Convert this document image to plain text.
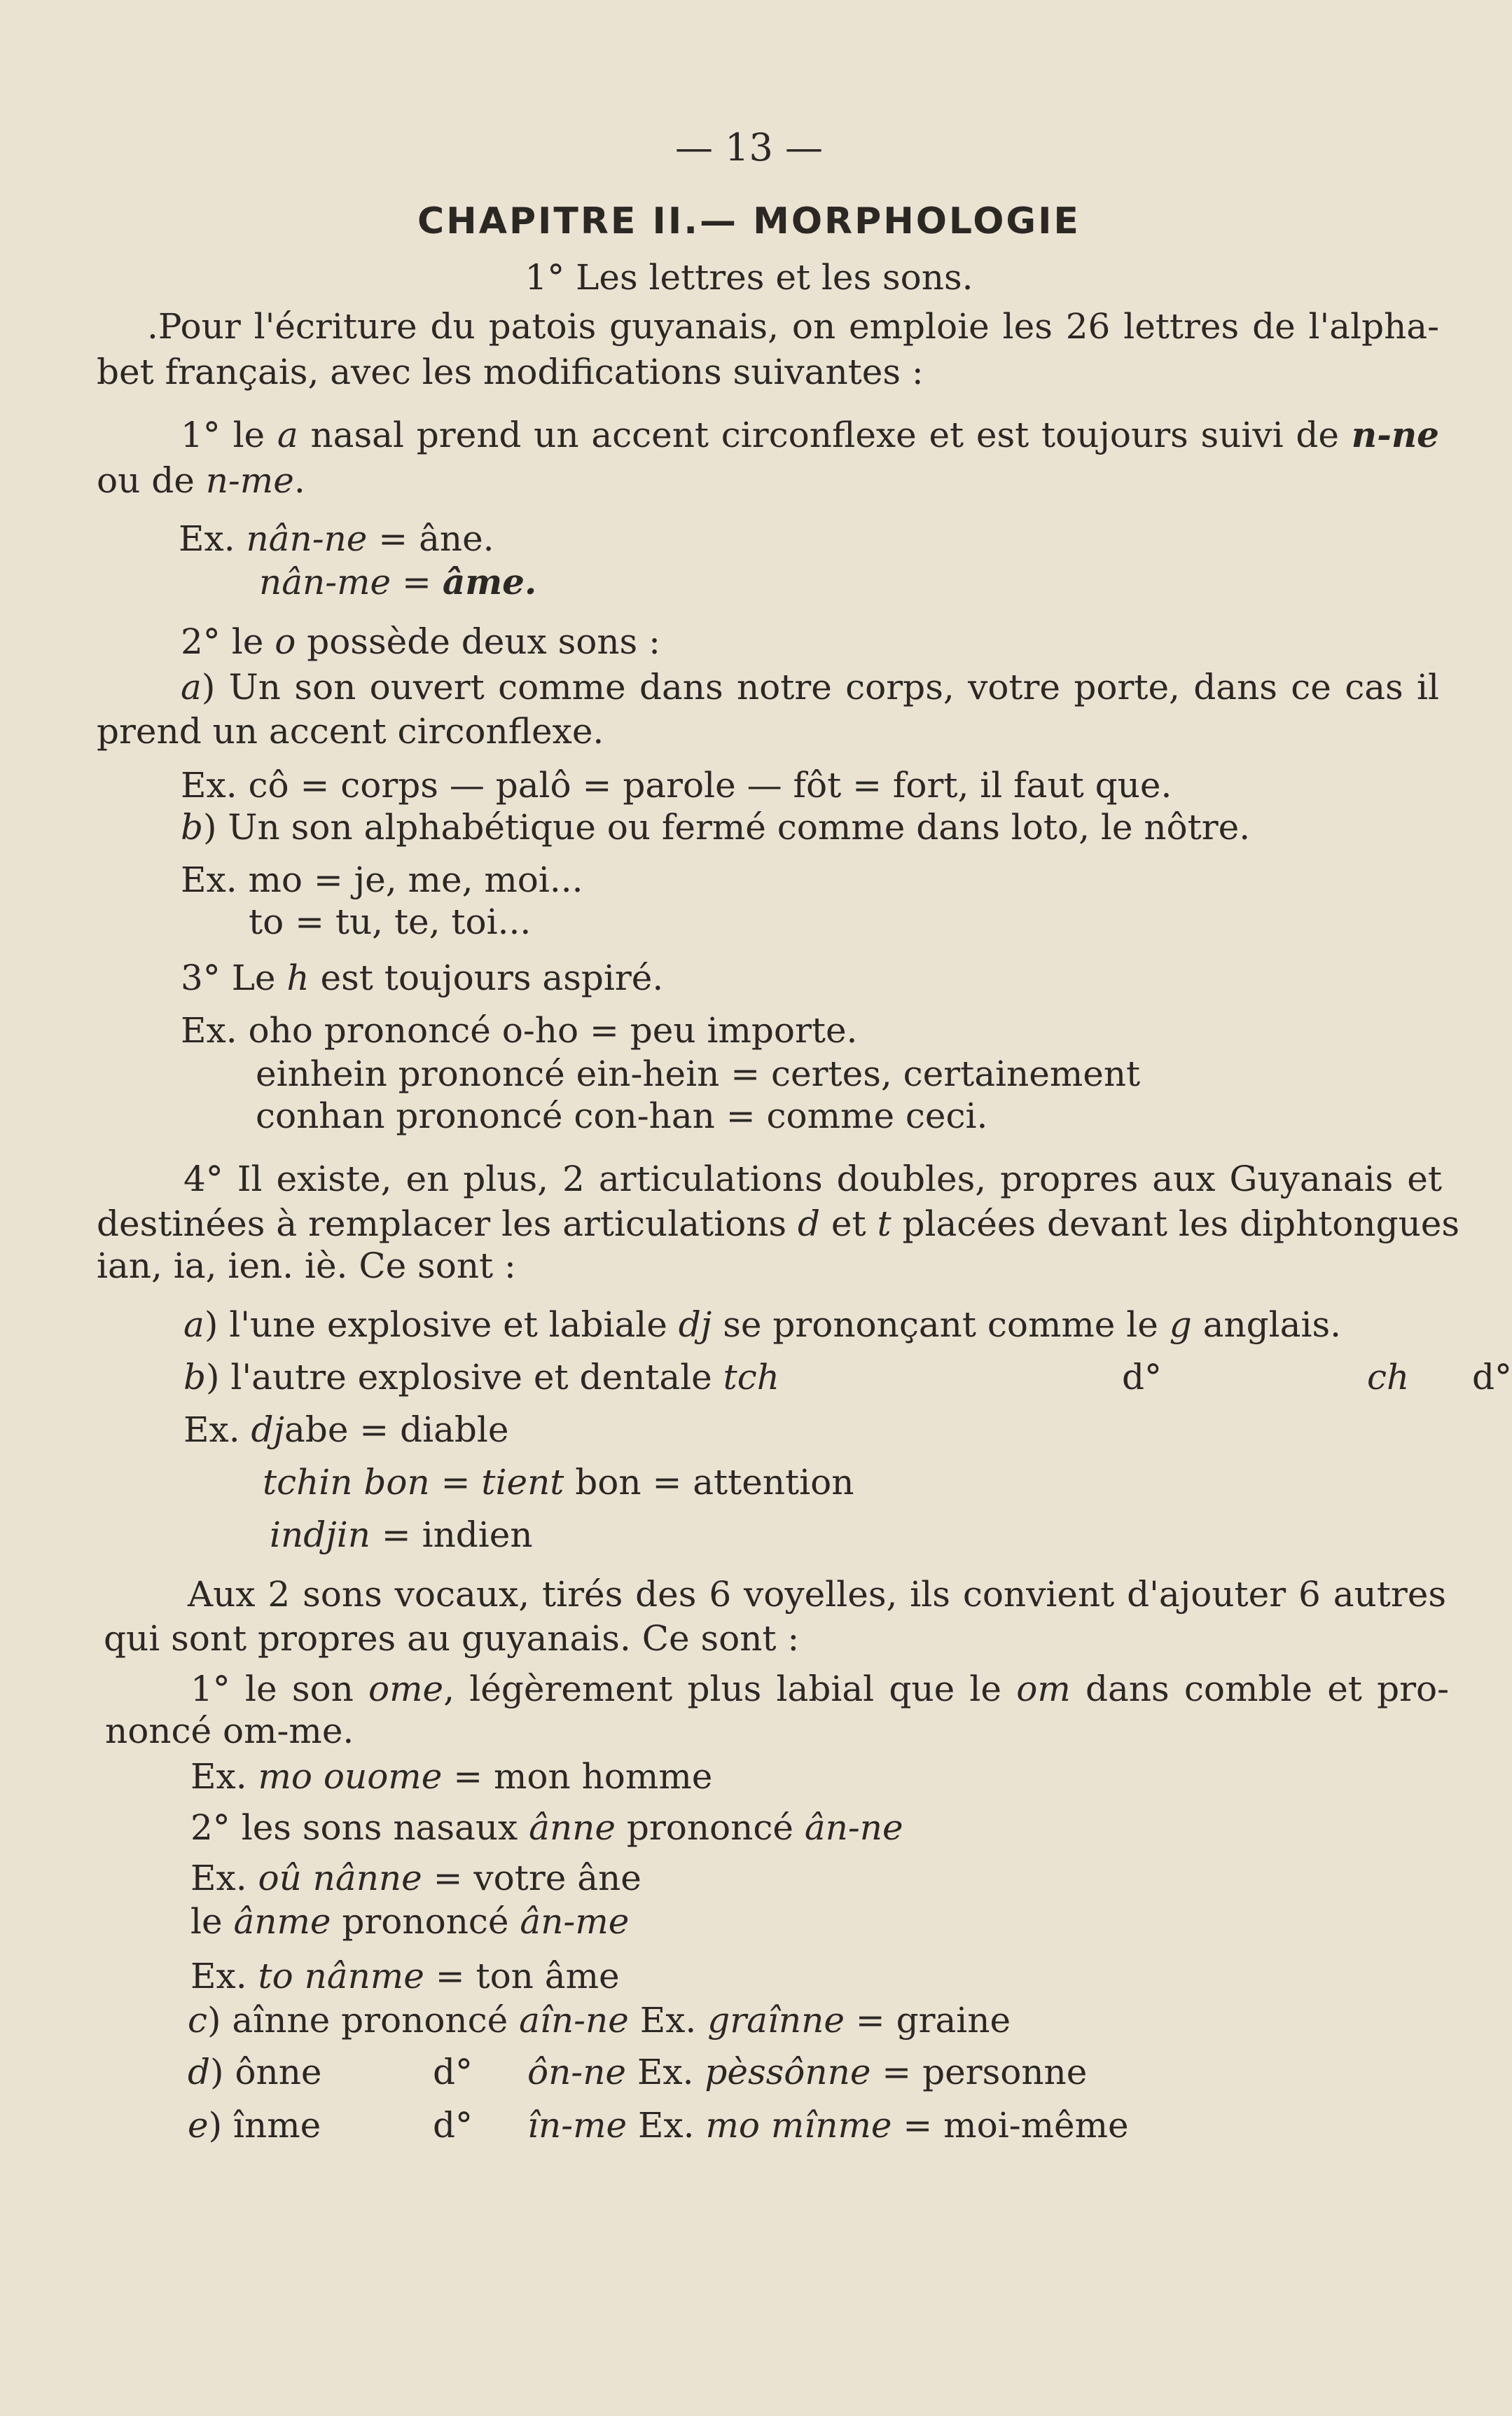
— 13 —
CHAPITRE II.— MORPHOLOGIE
1° Les lettres et les sons.
.Pour l'écriture du patois guyanais, on emploie les 26 lettres de l'alpha-
bet français, avec les modifications suivantes :
1° le a nasal prend un accent circonflexe et est toujours suivi de n-ne
ou de n-me.
Ex. nân-ne = âne.
nân-me = âme.
2° le o possède deux sons :
a) Un son ouvert comme dans notre corps, votre porte, dans ce cas il
prend un accent circonflexe.
Ex. cô = corps — palô = parole — fôt = fort, il faut que.
b) Un son alphabétique ou fermé comme dans loto, le nôtre.
Ex. mo = je, me, moi...
to = tu, te, toi...
3° Le h est toujours aspiré.
Ex. oho prononcé o-ho = peu importe.
einhein prononcé ein-hein = certes, certainement
conhan prononcé con-han = comme ceci.
4° Il existe, en plus, 2 articulations doubles, propres aux Guyanais et
destinées à remplacer les articulations d et t placées devant les diphtongues
ian, ia, ien. iè. Ce sont :
a) l'une explosive et labiale dj se prononçant comme le g anglais.
b) l'autre explosive et dentale tch	d°	ch d°
Ex. djabe = diable
tchin bon = tient bon = attention
indjin = indien
Aux 2 sons vocaux, tirés des 6 voyelles, ils convient d'ajouter 6 autres
qui sont propres au guyanais. Ce sont :
1° le son ome, légèrement plus labial que le om dans comble et pro-
noncé om-me.
Ex. mo ouome = mon homme
2° les sons nasaux ânne prononcé ân-ne
Ex. oû nânne = votre âne
le ânme prononcé ân-me
Ex. to nânme = ton âme
c) aînne prononcé aîn-ne Ex. graînne = graine
d) ônne	d° ôn-ne Ex. pèssônne = personne
e) înme	d° în-me Ex. mo mînme = moi-même
